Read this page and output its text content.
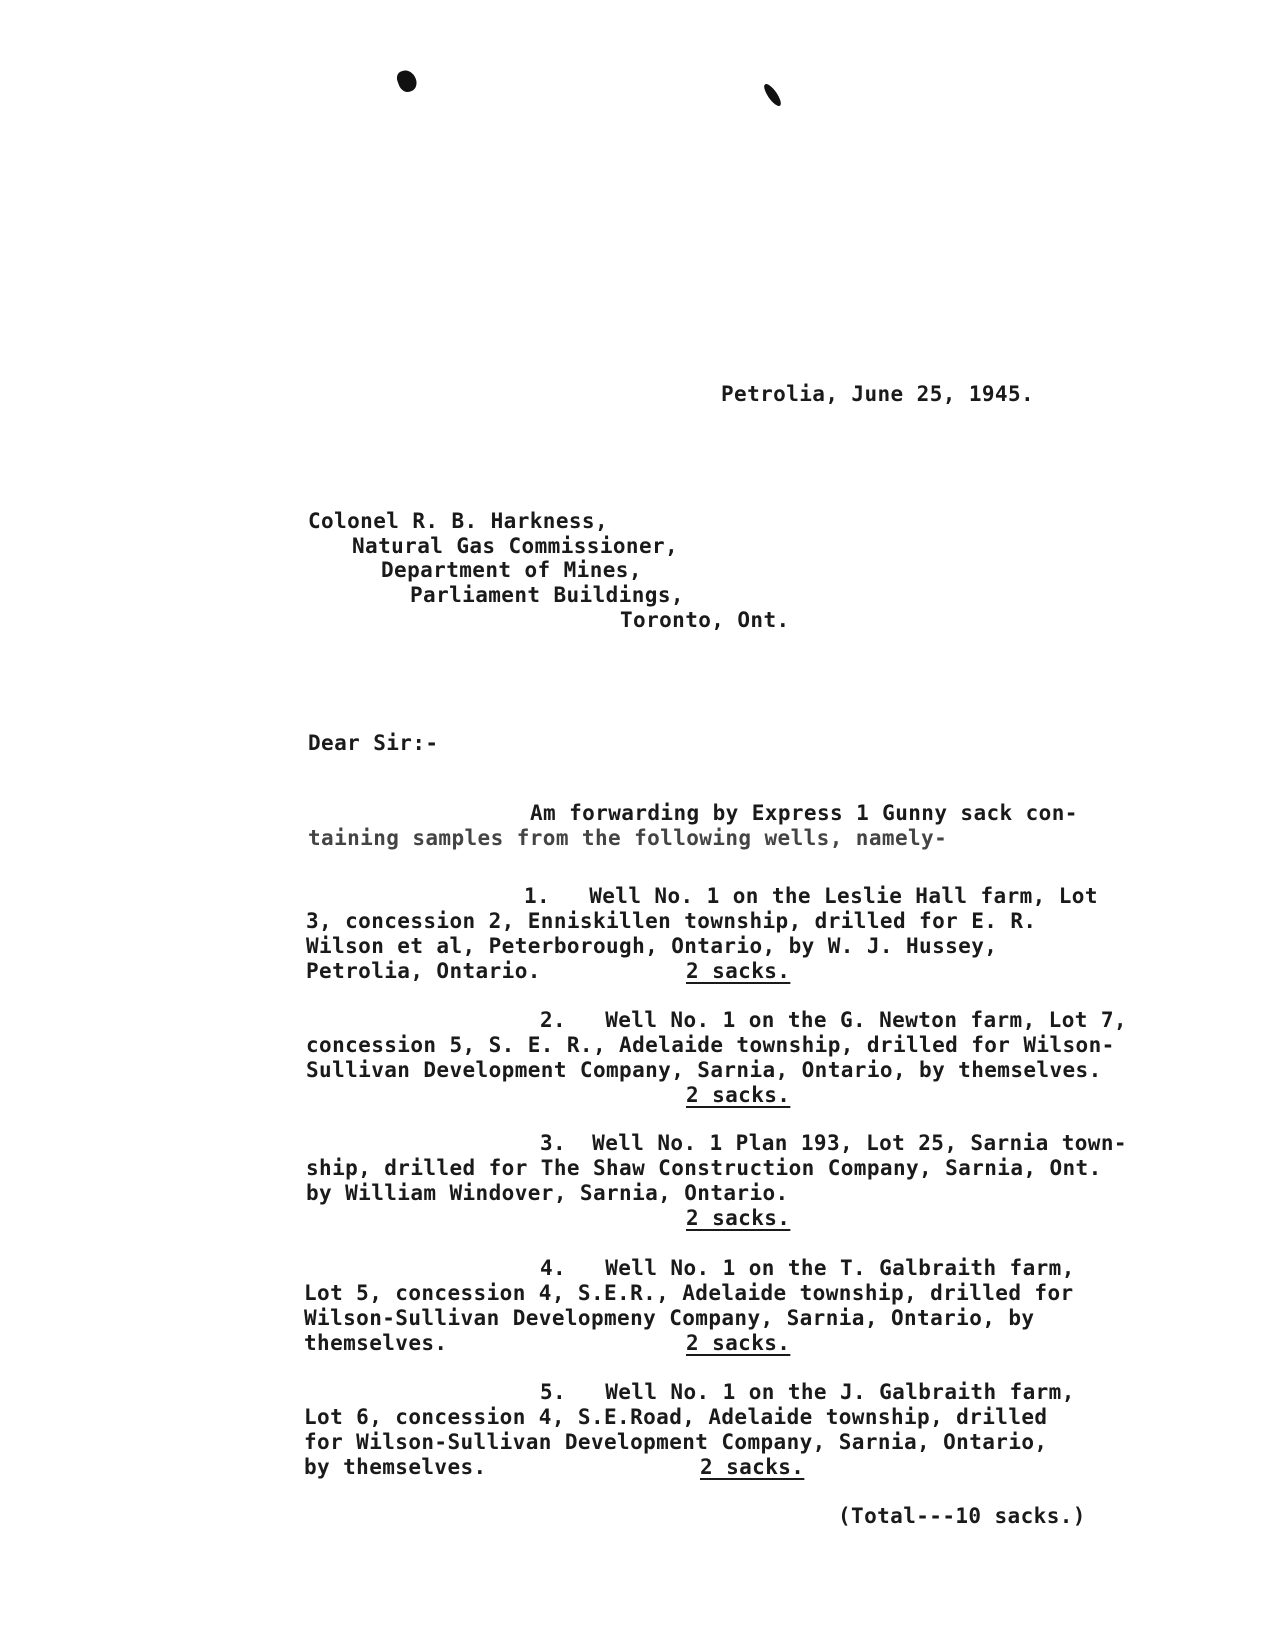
Petrolia, June 25, 1945.
Colonel R. B. Harkness,
Natural Gas Commissioner,
Department of Mines,
Parliament Buildings,
Toronto, Ont.
Dear Sir:-
Am forwarding by Express 1 Gunny sack con-
taining samples from the following wells, namely-
1.   Well No. 1 on the Leslie Hall farm, Lot
3, concession 2, Enniskillen township, drilled for E. R.
Wilson et al, Peterborough, Ontario, by W. J. Hussey,
Petrolia, Ontario.	2 sacks.
2.   Well No. 1 on the G. Newton farm, Lot 7,
concession 5, S. E. R., Adelaide township, drilled for Wilson-
Sullivan Development Company, Sarnia, Ontario, by themselves.
2 sacks.
3.  Well No. 1 Plan 193, Lot 25, Sarnia town-
ship, drilled for The Shaw Construction Company, Sarnia, Ont.
by William Windover, Sarnia, Ontario.
2 sacks.
4.   Well No. 1 on the T. Galbraith farm,
Lot 5, concession 4, S.E.R., Adelaide township, drilled for
Wilson-Sullivan Developmeny Company, Sarnia, Ontario, by
themselves.	2 sacks.
5.   Well No. 1 on the J. Galbraith farm,
Lot 6, concession 4, S.E.Road, Adelaide township, drilled
for Wilson-Sullivan Development Company, Sarnia, Ontario,
by themselves.	2 sacks.
(Total---10 sacks.)
